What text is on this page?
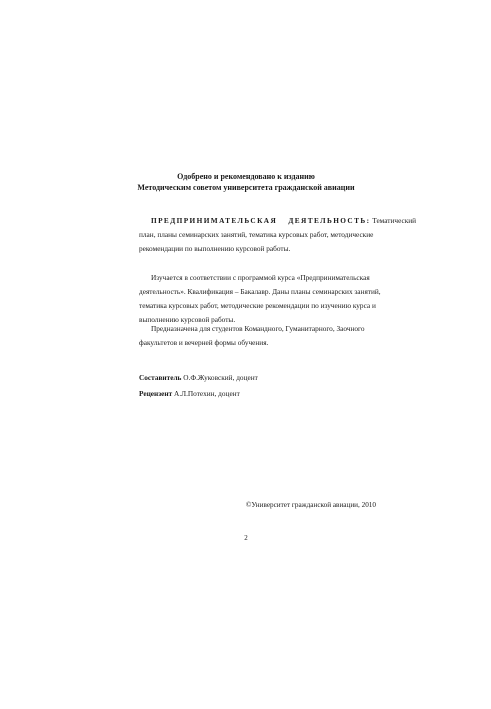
Одобрено и рекомендовано к изданию
Методическим советом университета гражданской авиации
ПРЕДПРИНИМАТЕЛЬСКАЯ ДЕЯТЕЛЬНОСТЬ: Тематический
план, планы семинарских занятий, тематика курсовых работ, методические
рекомендации по выполнению курсовой работы.
Изучается в соответствии с программой курса «Предпринимательская
деятельность». Квалификация – Бакалавр. Даны планы семинарских занятий,
тематика курсовых работ, методические рекомендации по изучению курса и
выполнению курсовой работы.
Предназначена для студентов Командного, Гуманитарного, Заочного
факультетов и вечерней формы обучения.
Составитель О.Ф.Жуковский, доцент
Рецензент А.Л.Потехин, доцент
©Университет гражданской авиации, 2010
2
